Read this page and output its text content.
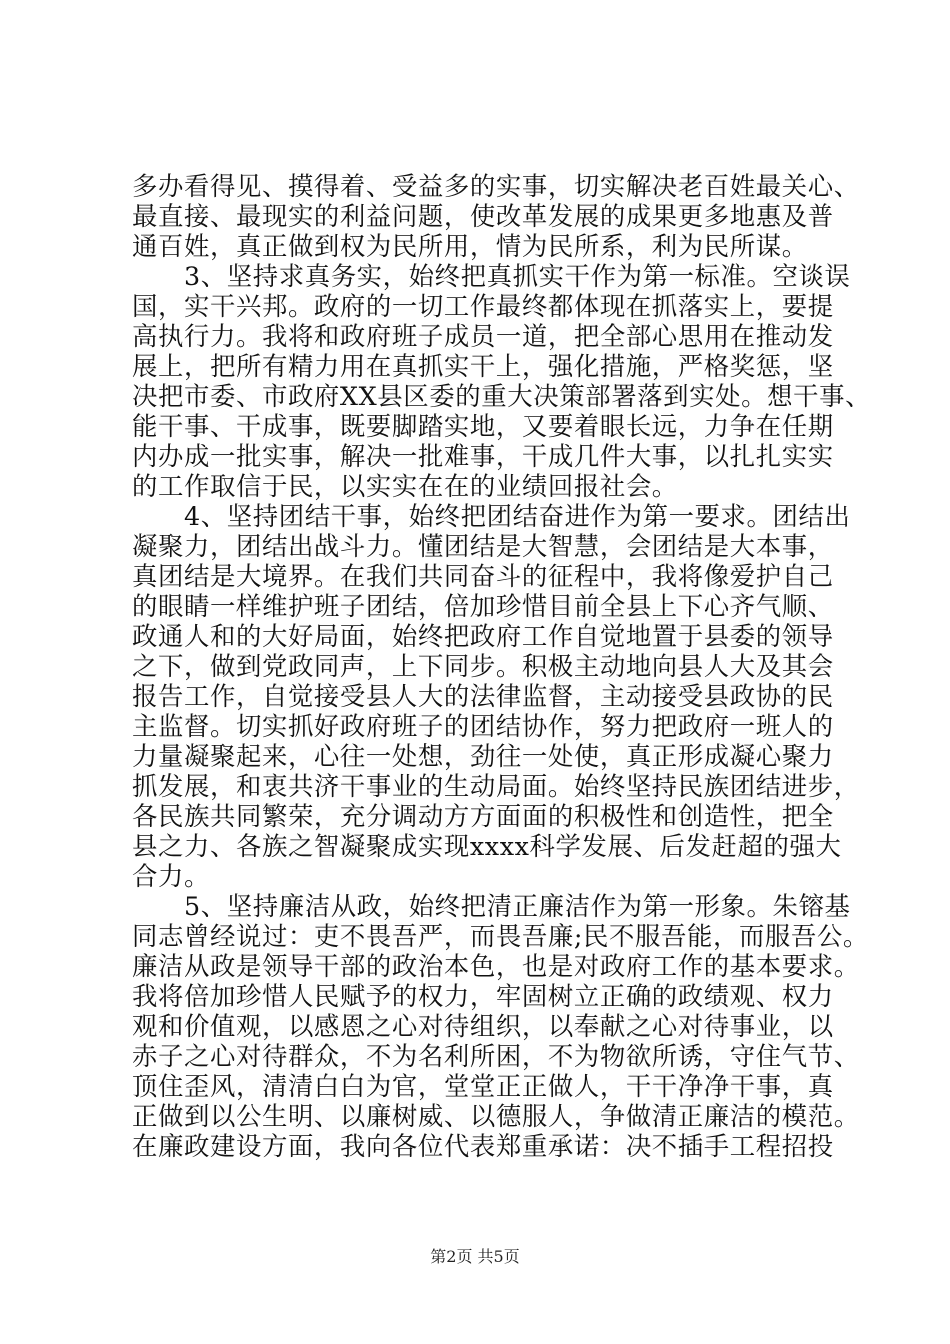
多办看得见、摸得着、受益多的实事，切实解决老百姓最关心、
最直接、最现实的利益问题，使改革发展的成果更多地惠及普
通百姓，真正做到权为民所用，情为民所系，利为民所谋。
　　3、坚持求真务实，始终把真抓实干作为第一标准。空谈误
国，实干兴邦。政府的一切工作最终都体现在抓落实上，要提
高执行力。我将和政府班子成员一道，把全部心思用在推动发
展上，把所有精力用在真抓实干上，强化措施，严格奖惩，坚
决把市委、市政府XX县区委的重大决策部署落到实处。想干事、
能干事、干成事，既要脚踏实地，又要着眼长远，力争在任期
内办成一批实事，解决一批难事，干成几件大事，以扎扎实实
的工作取信于民，以实实在在的业绩回报社会。
　　4、坚持团结干事，始终把团结奋进作为第一要求。团结出
凝聚力，团结出战斗力。懂团结是大智慧，会团结是大本事，
真团结是大境界。在我们共同奋斗的征程中，我将像爱护自己
的眼睛一样维护班子团结，倍加珍惜目前全县上下心齐气顺、
政通人和的大好局面，始终把政府工作自觉地置于县委的领导
之下，做到党政同声，上下同步。积极主动地向县人大及其会
报告工作，自觉接受县人大的法律监督，主动接受县政协的民
主监督。切实抓好政府班子的团结协作，努力把政府一班人的
力量凝聚起来，心往一处想，劲往一处使，真正形成凝心聚力
抓发展，和衷共济干事业的生动局面。始终坚持民族团结进步，
各民族共同繁荣，充分调动方方面面的积极性和创造性，把全
县之力、各族之智凝聚成实现xxxx科学发展、后发赶超的强大
合力。
　　5、坚持廉洁从政，始终把清正廉洁作为第一形象。朱镕基
同志曾经说过：吏不畏吾严，而畏吾廉;民不服吾能，而服吾公。
廉洁从政是领导干部的政治本色，也是对政府工作的基本要求。
我将倍加珍惜人民赋予的权力，牢固树立正确的政绩观、权力
观和价值观，以感恩之心对待组织，以奉献之心对待事业，以
赤子之心对待群众，不为名利所困，不为物欲所诱，守住气节、
顶住歪风，清清白白为官，堂堂正正做人，干干净净干事，真
正做到以公生明、以廉树威、以德服人，争做清正廉洁的模范。
在廉政建设方面，我向各位代表郑重承诺：决不插手工程招投
第2页 共5页
